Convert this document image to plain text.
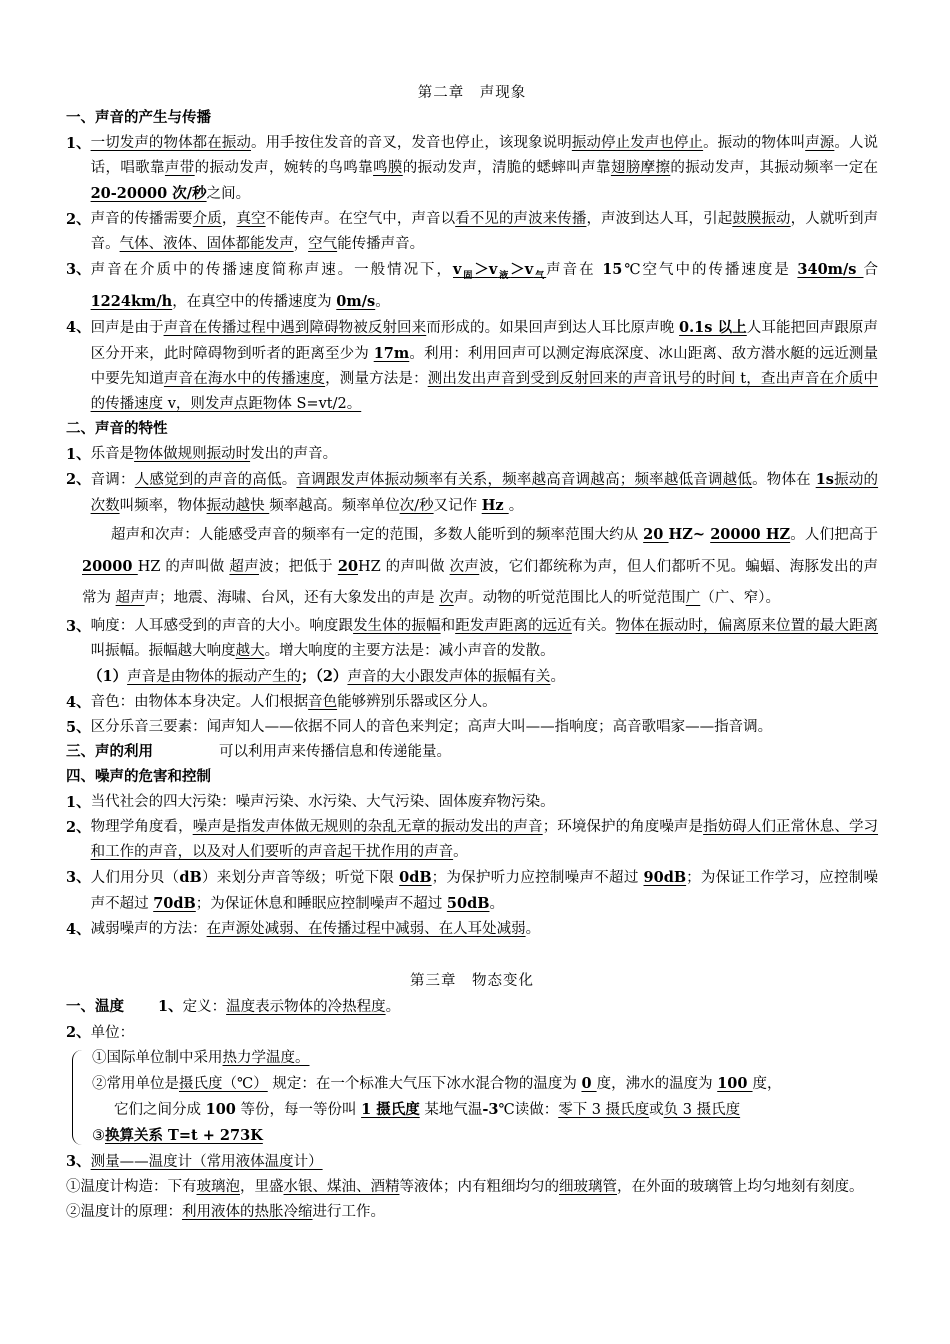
第二章　声现象
一、声音的产生与传播
1、 一切发声的物体都在振动。用手按住发音的音叉，发音也停止，该现象说明振动停止发声也停止。振动的物体叫声源。人说话，唱歌靠声带的振动发声，婉转的鸟鸣靠鸣膜的振动发声，清脆的蟋蟀叫声靠翅膀摩擦的振动发声，其振动频率一定在 20-20000 次/秒之间。
2、 声音的传播需要介质，真空不能传声。在空气中，声音以看不见的声波来传播，声波到达人耳，引起鼓膜振动，人就听到声音。气体、液体、固体都能发声，空气能传播声音。
3、 声音在介质中的传播速度简称声速。一般情况下，$v_固>v_液>v_气$声音在 15℃空气中的传播速度是 340m/s 合 1224km/h，在真空中的传播速度为 0m/s。
4、 回声是由于声音在传播过程中遇到障碍物被反射回来而形成的。如果回声到达人耳比原声晚 0.1s 以上人耳能把回声跟原声区分开来，此时障碍物到听者的距离至少为 17m。利用：利用回声可以测定海底深度、冰山距离、敌方潜水艇的远近测量中要先知道声音在海水中的传播速度，测量方法是：测出发出声音到受到反射回来的声音讯号的时间 t，查出声音在介质中的传播速度 v，则发声点距物体 S=vt/2。
二、声音的特性
1、 乐音是物体做规则振动时发出的声音。
2、 音调：人感觉到的声音的高低。音调跟发声体振动频率有关系，频率越高音调越高；频率越低音调越低。物体在 1s振动的次数叫频率，物体振动越快 频率越高。频率单位次/秒又记作 Hz 。
超声和次声：人能感受声音的频率有一定的范围，多数人能听到的频率范围大约从 20 HZ~ 20000 HZ。人们把高于 20000 HZ 的声叫做 超声波；把低于 20HZ 的声叫做 次声波，它们都统称为声，但人们都听不见。蝙蝠、海豚发出的声常为 超声声；地震、海啸、台风，还有大象发出的声是 次声。动物的听觉范围比人的听觉范围广（广、窄）。
3、 响度：人耳感受到的声音的大小。响度跟发生体的振幅和距发声距离的远近有关。物体在振动时，偏离原来位置的最大距离叫振幅。振幅越大响度越大。增大响度的主要方法是：减小声音的发散。
（1）声音是由物体的振动产生的；（2）声音的大小跟发声体的振幅有关。
4、 音色：由物体本身决定。人们根据音色能够辨别乐器或区分人。
5、 区分乐音三要素：闻声知人——依据不同人的音色来判定；高声大叫——指响度；高音歌唱家——指音调。
三、声的利用	可以利用声来传播信息和传递能量。
四、噪声的危害和控制
1、 当代社会的四大污染：噪声污染、水污染、大气污染、固体废弃物污染。
2、 物理学角度看，噪声是指发声体做无规则的杂乱无章的振动发出的声音；环境保护的角度噪声是指妨碍人们正常休息、学习和工作的声音，以及对人们要听的声音起干扰作用的声音。
3、 人们用分贝（dB）来划分声音等级；听觉下限 0dB；为保护听力应控制噪声不超过 90dB；为保证工作学习，应控制噪声不超过 70dB；为保证休息和睡眠应控制噪声不超过 50dB。
4、 减弱噪声的方法：在声源处减弱、在传播过程中减弱、在人耳处减弱。
第三章　物态变化
一、温度 1、定义：温度表示物体的冷热程度。
2、单位：
①国际单位制中采用热力学温度。
②常用单位是摄氏度（℃） 规定：在一个标准大气压下冰水混合物的温度为 0 度，沸水的温度为 100 度，
它们之间分成 100 等份，每一等份叫 1 摄氏度 某地气温-3℃读做：零下 3 摄氏度或负 3 摄氏度
③换算关系 T=t + 273K
3、测量——温度计（常用液体温度计）
①温度计构造：下有玻璃泡，里盛水银、煤油、酒精等液体；内有粗细均匀的细玻璃管，在外面的玻璃管上均匀地刻有刻度。
②温度计的原理：利用液体的热胀冷缩进行工作。
